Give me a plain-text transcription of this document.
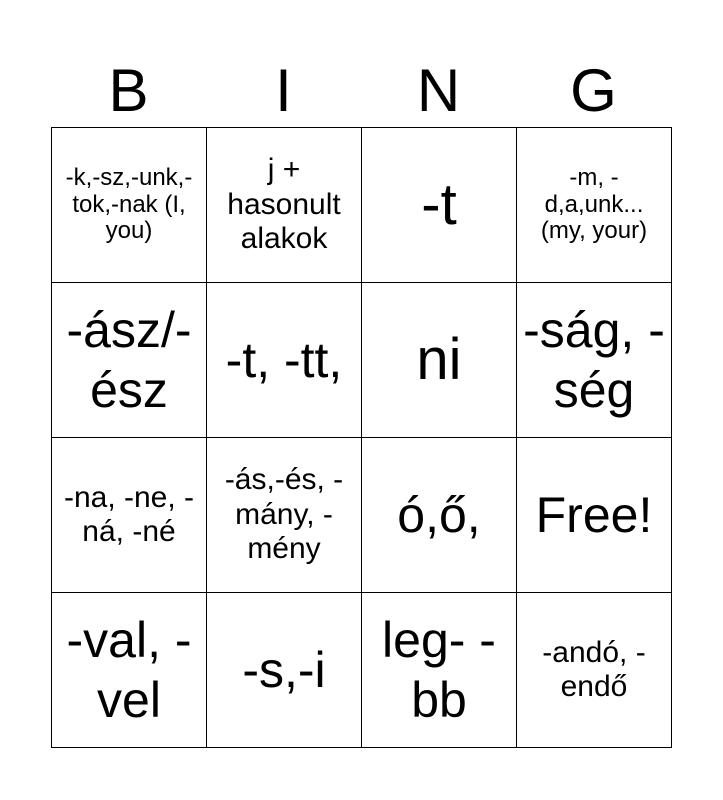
B	I	N	G
-k,-sz,-unk,-tok,-nak (I, you)	j + hasonult alakok	-t	-m, -d,a,unk... (my, your)
-ász/-ész	-t, -tt,	ni	-ság, -ség
-na, -ne, -ná, -né	-ás,-és, -mány, -mény	ó,ő,	Free!
-val, -vel	-s,-i	leg- -bb	-andó, -endő
